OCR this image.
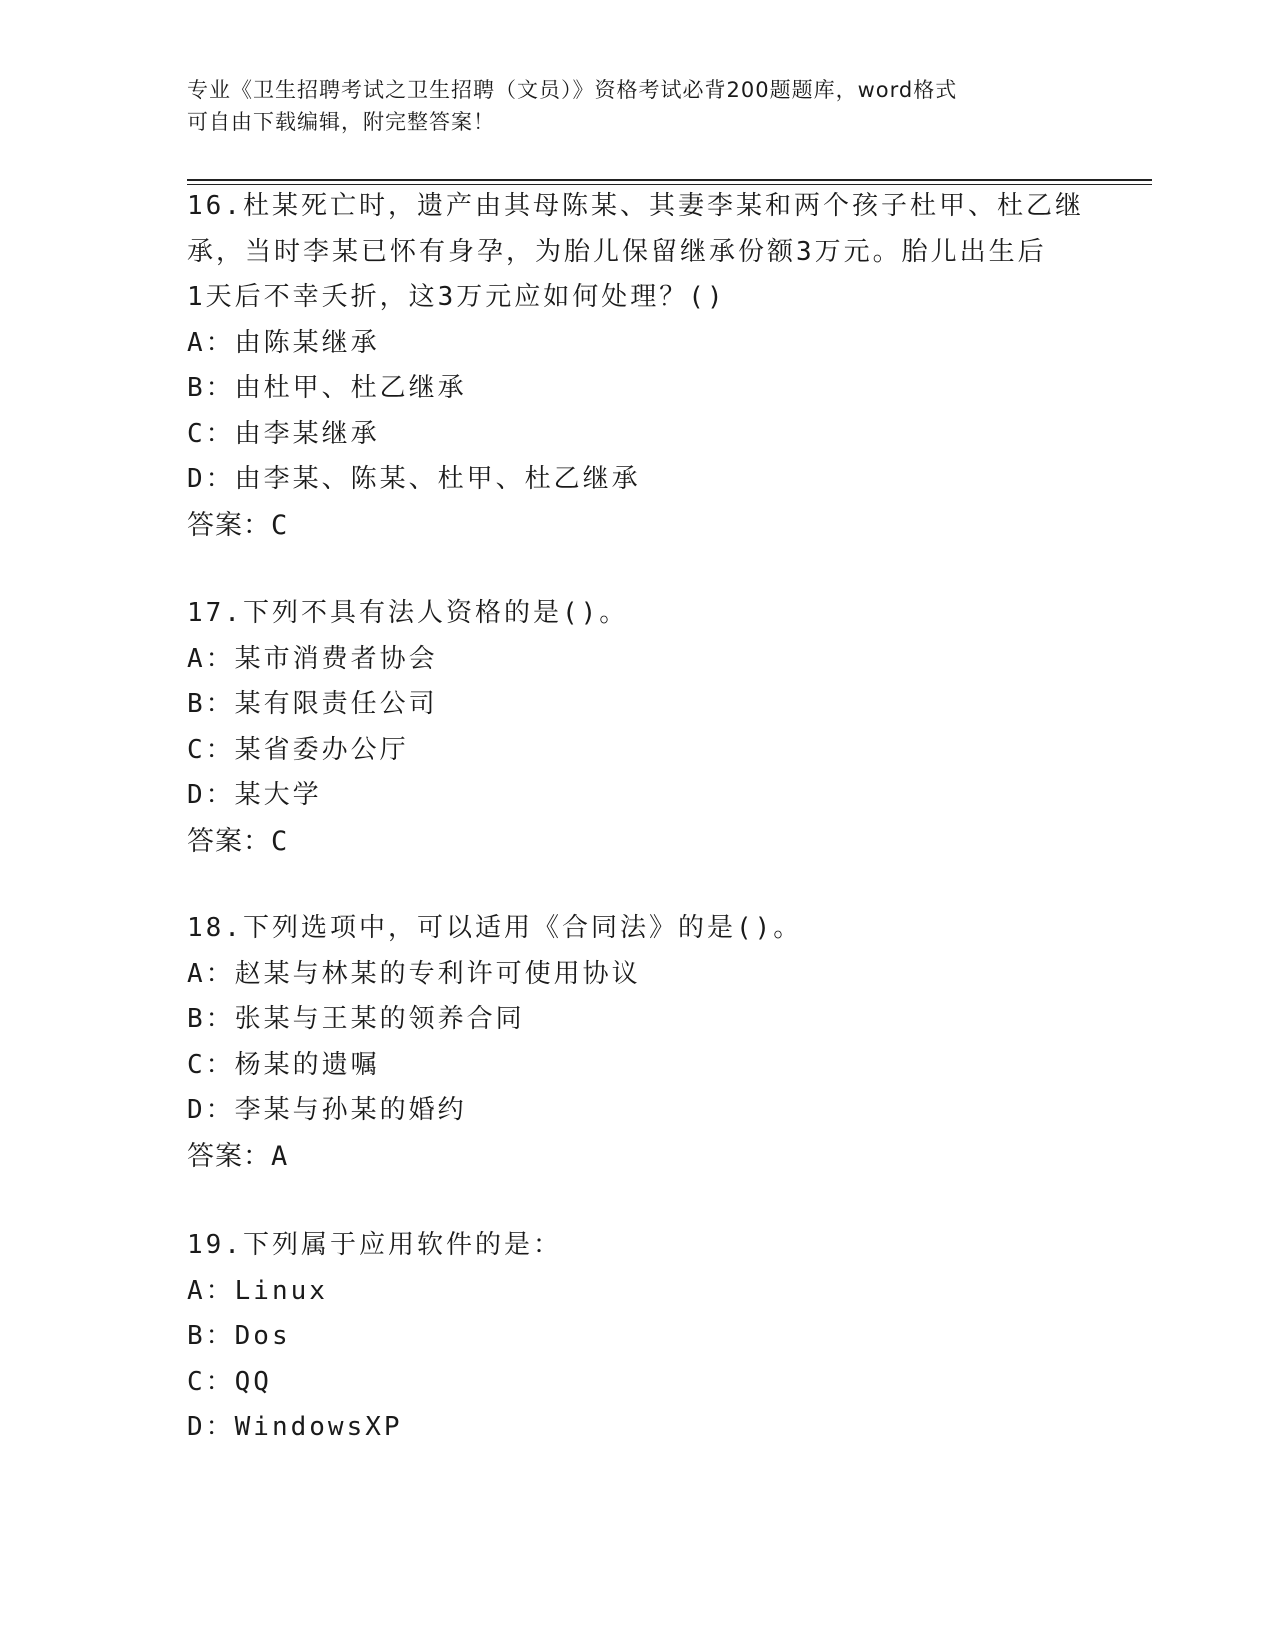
专业《卫生招聘考试之卫生招聘（文员）》资格考试必背200题题库，word格式
可自由下载编辑，附完整答案！
16.杜某死亡时，遗产由其母陈某、其妻李某和两个孩子杜甲、杜乙继
承，当时李某已怀有身孕，为胎儿保留继承份额3万元。胎儿出生后
1天后不幸夭折，这3万元应如何处理？()
A：由陈某继承
B：由杜甲、杜乙继承
C：由李某继承
D：由李某、陈某、杜甲、杜乙继承
答案：C
17.下列不具有法人资格的是()。
A：某市消费者协会
B：某有限责任公司
C：某省委办公厅
D：某大学
答案：C
18.下列选项中，可以适用《合同法》的是()。
A：赵某与林某的专利许可使用协议
B：张某与王某的领养合同
C：杨某的遗嘱
D：李某与孙某的婚约
答案：A
19.下列属于应用软件的是：
A：Linux
B：Dos
C：QQ
D：WindowsXP
